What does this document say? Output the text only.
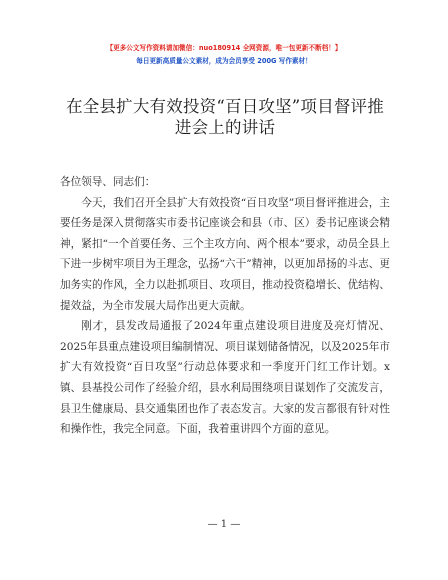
【更多公文写作资料请加微信：nuo180914 全网资源，唯一包更新不断档！】
每日更新高质量公文素材，成为会员享受 200G 写作素材！
在全县扩大有效投资“百日攻坚”项目督评推进会上的讲话

各位领导、同志们：

今天，我们召开全县扩大有效投资“百日攻坚”项目督评推进会，主要任务是深入贯彻落实市委书记座谈会和县（市、区）委书记座谈会精神，紧扣“一个首要任务、三个主攻方向、两个根本”要求，动员全县上下进一步树牢项目为王理念，弘扬“六干”精神，以更加昂扬的斗志、更加务实的作风，全力以赴抓项目、攻项目，推动投资稳增长、优结构、提效益，为全市发展大局作出更大贡献。

刚才，县发改局通报了2024年重点建设项目进度及亮灯情况、2025年县重点建设项目编制情况、项目谋划储备情况，以及2025年市扩大有效投资“百日攻坚”行动总体要求和一季度开门红工作计划。x镇、县基投公司作了经验介绍，县水利局围绕项目谋划作了交流发言，县卫生健康局、县交通集团也作了表态发言。大家的发言都很有针对性和操作性，我完全同意。下面，我着重讲四个方面的意见。

— 1 —
